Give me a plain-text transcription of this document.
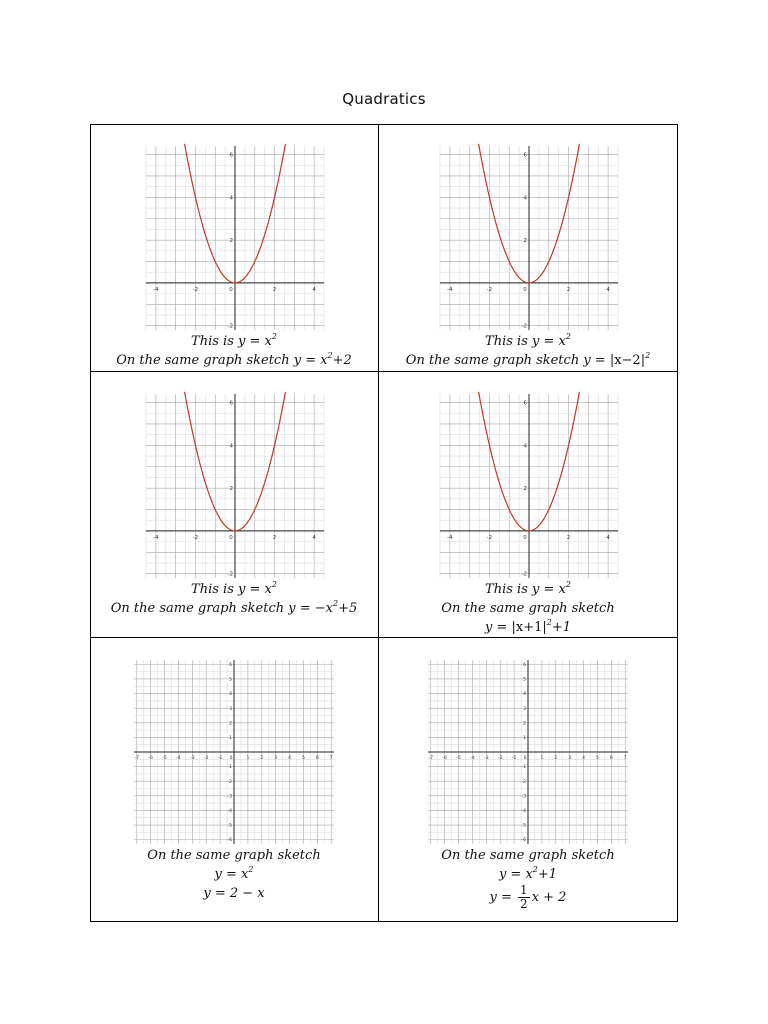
Quadratics
-4	-2	0	2	4
-2
2
4
6
This is $y = x^2$
On the same graph sketch $y = x^2+2$
-4	-2	0	2	4
-2
2
4
6
This is $y = x^2$
On the same graph sketch $y = |x-2|^2$
-4	-2	0	2	4
-2
2
4
6
This is $y = x^2$
On the same graph sketch $y = -x^2+5$
-4	-2	0	2	4
-2
2
4
6
This is $y = x^2$
On the same graph sketch
$y = |x+1|^2+1$
-7 -6 -5 -4 -3 -2 -1 0	1 2 3 4 5 6 7
-6
-5
-4
-3
-2
-1
1
2
3
4
5
6
On the same graph sketch
$y = x^2$
y = 2 − x
-7 -6 -5 -4 -3 -2 -1 0	1 2 3 4 5 6 7
-6
-5
-4
-3
-2
-1
1
2
3
4
5
6
On the same graph sketch
$y = x^2+1$
$y = \frac{1}{2}$ x + 2
